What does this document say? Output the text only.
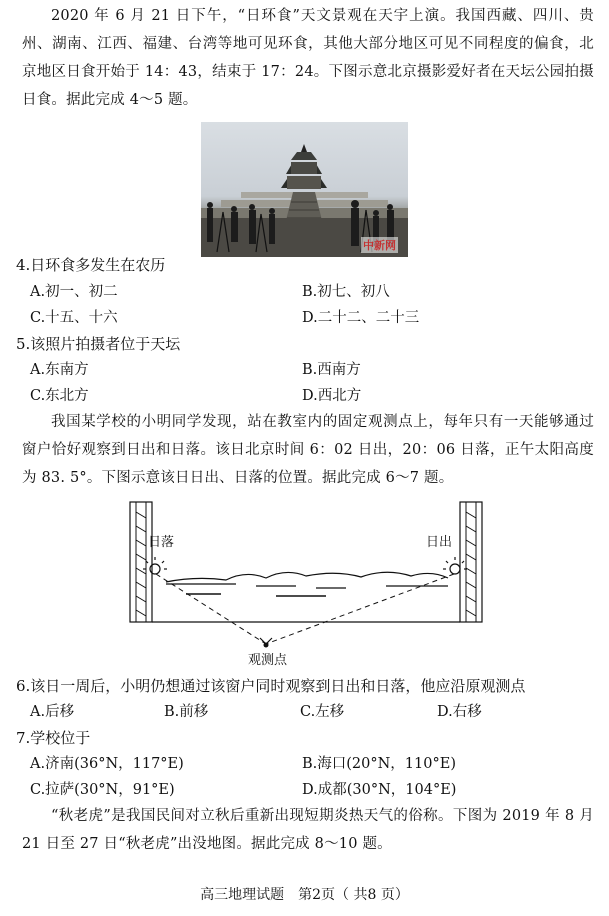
2020 年 6 月 21 日下午，“日环食”天文景观在天宇上演。我国西藏、四川、贵州、湖南、江西、福建、台湾等地可见环食，其他大部分地区可见不同程度的偏食，北京地区日食开始于 14：43，结束于 17：24。下图示意北京摄影爱好者在天坛公园拍摄日食。据此完成 4～5 题。
中新网
4.日环食多发生在农历
A.初一、初二	B.初七、初八
C.十五、十六	D.二十二、二十三
5.该照片拍摄者位于天坛
A.东南方	B.西南方
C.东北方	D.西北方
我国某学校的小明同学发现，站在教室内的固定观测点上，每年只有一天能够通过窗户恰好观察到日出和日落。该日北京时间 6：02 日出，20：06 日落，正午太阳高度为 83. 5°。下图示意该日日出、日落的位置。据此完成 6～7 题。
日落	日出
观测点
6.该日一周后，小明仍想通过该窗户同时观察到日出和日落，他应沿原观测点
A.后移	B.前移	C.左移	D.右移
7.学校位于
A.济南(36°N，117°E)	B.海口(20°N，110°E)
C.拉萨(30°N，91°E)	D.成都(30°N，104°E)
“秋老虎”是我国民间对立秋后重新出现短期炎热天气的俗称。下图为 2019 年 8 月 21 日至 27 日“秋老虎”出没地图。据此完成 8～10 题。
高三地理试题　第2页（ 共8 页）
